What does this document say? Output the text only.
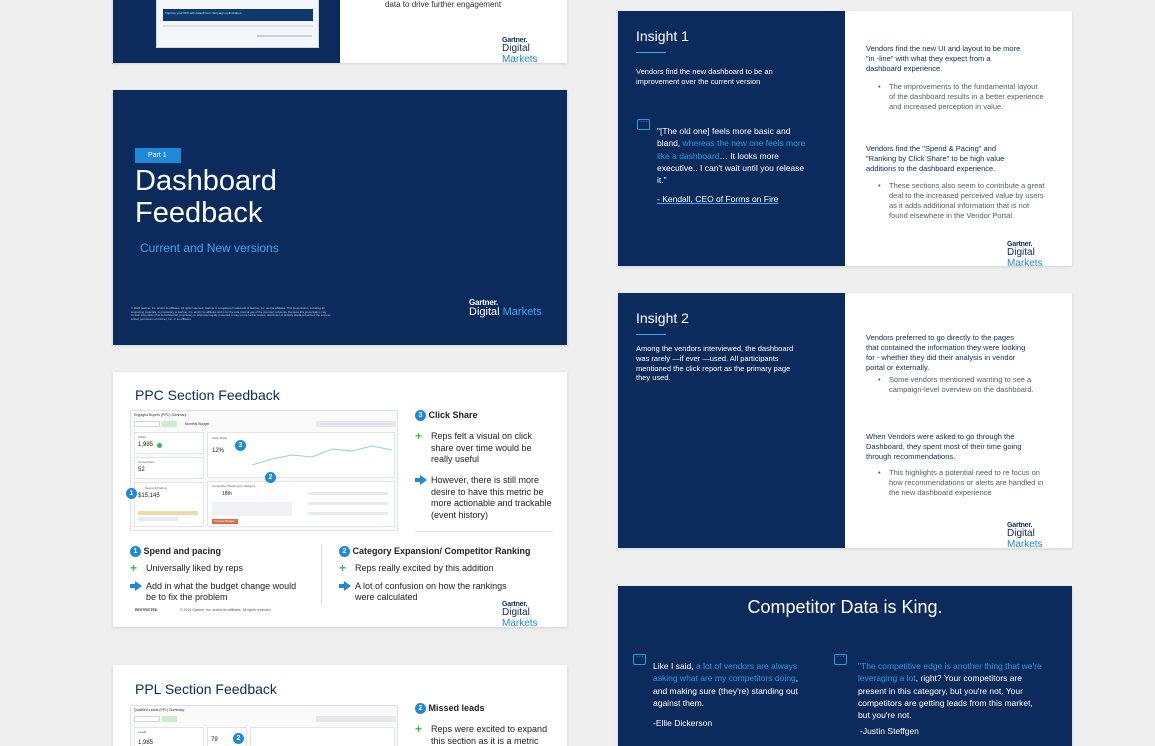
Improve your ROI with data-driven campaign optimization
data to drive further engagement
Gartner.
Digital Markets
Part 1
Dashboard
Feedback
Current and New versions
© 2024 Gartner, Inc. and/or its affiliates. All rights reserved. Gartner is a registered trademark of Gartner, Inc. and its affiliates. This presentation, including all supporting materials, is proprietary to Gartner, Inc. and/or its affiliates and is for the sole internal use of the intended recipients. Because this presentation may contain information that is confidential, proprietary or otherwise legally protected, it may not be further copied, distributed or publicly displayed without the express written permission of Gartner, Inc. or its affiliates.
Gartner.
Digital Markets
PPC Section Feedback
Engaged Buyers (PPC) Summary
Monthly Budget
Clicks
1,985
Conversions
52
Spend & Pacing
$15,145
Click Share
12%
Competitor Ranking by Category
18th
Increase Budget
1
2
3
3 Click Share
+ Reps felt a visual on click share over time would be really useful
However, there is still more desire to have this metric be more actionable and trackable (event history)
1 Spend and pacing
+ Universally liked by reps
Add in what the budget change would be to fix the problem
2 Category Expansion/ Competitor Ranking
+ Reps really excited by this addition
A lot of confusion on how the rankings were calculated
RESTRICTED	© 2024 Gartner, Inc. and/or its affiliates. All rights reserved.
Gartner.
Digital Markets
PPL Section Feedback
Qualified Leads (PPL) Summary
Leads
1,985	79	2
2 Missed leads
+ Reps were excited to expand this section as it is a metric
Insight 1
Vendors find the new dashboard to be an improvement over the current version
...
"[The old one] feels more basic and bland, whereas the new one feels more like a dashboard… It looks more executive.. I can't wait until you release it."
- Kendall, CEO of Forms on Fire
Vendors find the new UI and layout to be more "in -line" with what they expect from a dashboard experience.
• The improvements to the fundamental layout of the dashboard results in a better experience and increased perception in value.
Vendors find the "Spend & Pacing" and "Ranking by Click Share" to be high value additions to the dashboard experience.
• These sections also seem to contribute a great deal to the increased perceived value by users as it adds additional information that is not found elsewhere in the Vendor Portal.
Gartner.
Digital Markets
Insight 2
Among the vendors interviewed, the dashboard was rarely —if ever —used. All participants mentioned the click report as the primary page they used.
Vendors preferred to go directly to the pages that contained the information they were looking for - whether they did their analysis in vendor portal or externally.
• Some vendors mentioned wanting to see a campaign-level overview on the dashboard.
When Vendors were asked to go through the Dashboard, they spent most of their time going through recommendations.
• This highlights a potential need to re focus on how recommendations or alerts are handled in the new dashboard experience
Gartner.
Digital Markets
Competitor Data is King.
...
Like I said, a lot of vendors are always asking what are my competitors doing, and making sure (they're) standing out against them.
-Ellie Dickerson
...
"The competitive edge is another thing that we're leveraging a lot, right? Your competitors are present in this category, but you're not. Your competitors are getting leads from this market, but you're not.
-Justin Steffgen
